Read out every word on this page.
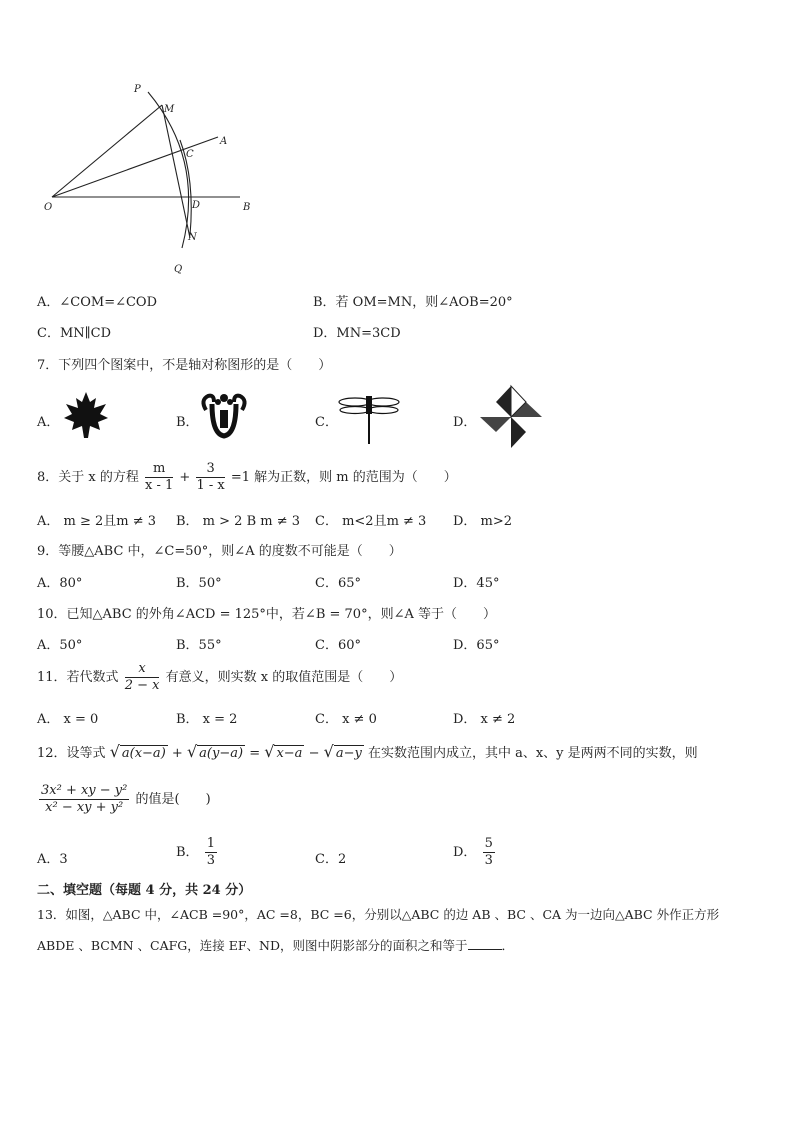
P
M
A
C
O	D	B
N
Q
A．∠COM=∠COD	B．若 OM=MN，则∠AOB=20°
C．MN∥CD	D．MN=3CD
7．下列四个图案中，不是轴对称图形的是（　　）
A．	B．	C．	D．
8．关于 x 的方程 $\frac{m}{x - 1} + \frac{3}{1 - x} =1$ 解为正数，则 m 的范围为（　　）
A． m ≥ 2且m ≠ 3 B． m > 2 B m ≠ 3 C． m<2且m ≠ 3 D． m>2
9．等腰△ABC 中，∠C=50°，则∠A 的度数不可能是（　　）
A．80°	B．50°	C．65°	D．45°
10．已知△ABC 的外角∠ACD = 125°中，若∠B = 70°，则∠A 等于（　　）
A．50°	B．55°	C．60°	D．65°
11．若代数式 $\frac{x}{2 - x}$ 有意义，则实数 x 的取值范围是（　　）
A． x = 0	B． x = 2	C． x ≠ 0	D． x ≠ 2
12．设等式 √ a(x−a) + √ a(y−a) = √ x−a − √ a−y 在实数范围内成立，其中 a、x、y 是两两不同的实数，则
$\frac{\text{3x² + xy − y²}}{\text{x² − xy + y²}}$ 的值是(　　)
A．3	B． $\frac{1}{3}$	C．2	D． $\frac{5}{3}$
二、填空题（每题 4 分，共 24 分）
13．如图，△ABC 中，∠ACB =90°，AC =8，BC =6，分别以△ABC 的边 AB 、BC 、CA 为一边向△ABC 外作正方形
ABDE 、BCMN 、CAFG，连接 EF、ND，则图中阴影部分的面积之和等于	．
